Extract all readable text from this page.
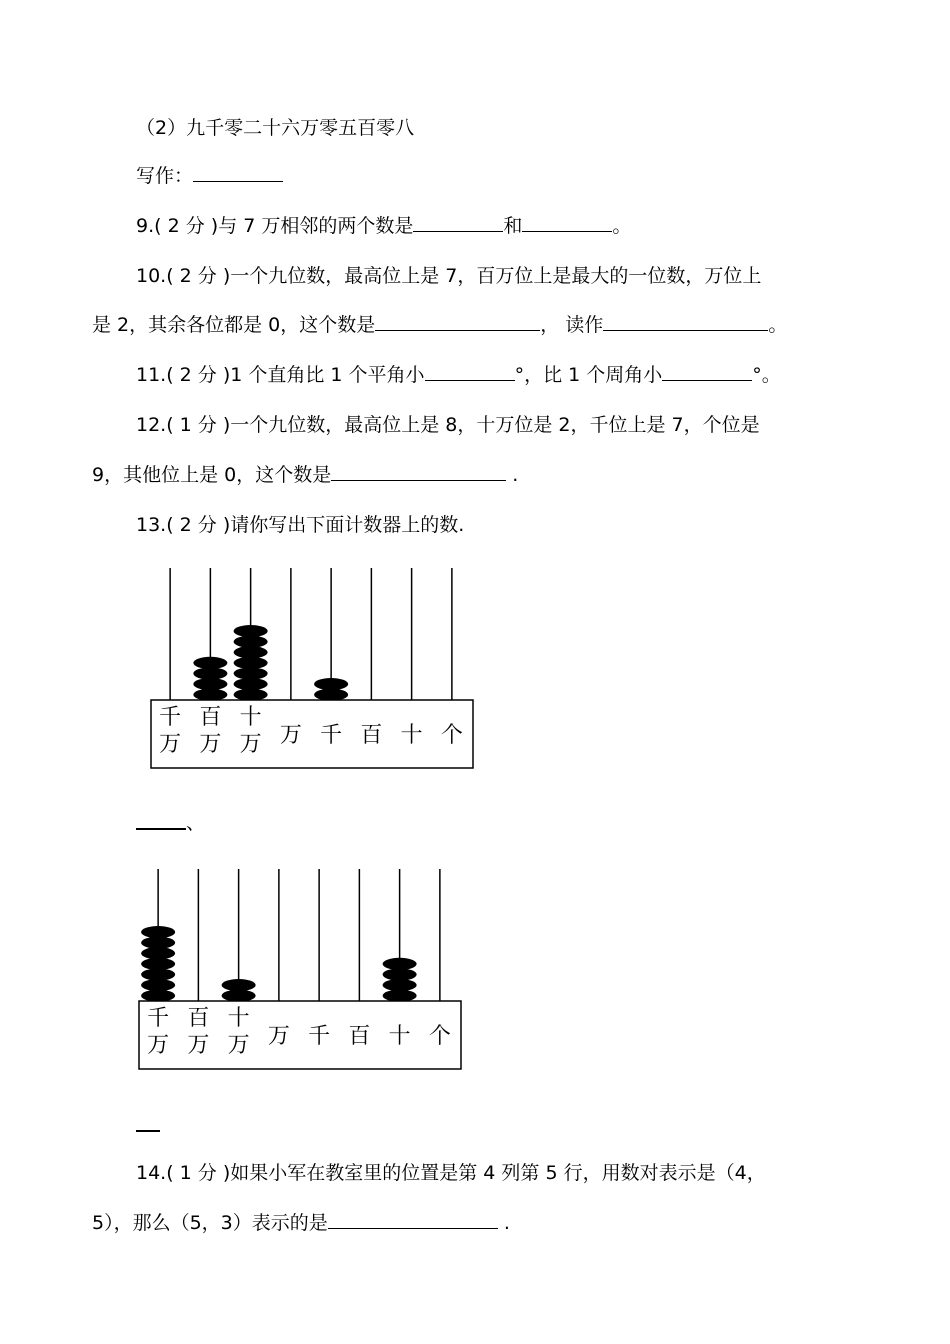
（2）九千零二十六万零五百零八
写作：
9.( 2 分 )与 7 万相邻的两个数是	和	。
10.( 2 分 )一个九位数，最高位上是 7，百万位上是最大的一位数，万位上
是 2，其余各位都是 0，这个数是	， 读作	。
11.( 2 分 )1 个直角比 1 个平角小	°，比 1 个周角小	°。
12.( 1 分 )一个九位数，最高位上是 8，十万位是 2，千位上是 7，个位是
9，其他位上是 0，这个数是	.
13.( 2 分 )请你写出下面计数器上的数.
千
万
百
万
十
万 万 千 百 十 个
、
千
万
百
万
十
万 万 千 百 十 个
14.( 1 分 )如果小军在教室里的位置是第 4 列第 5 行，用数对表示是（4，
5），那么（5，3）表示的是	.
